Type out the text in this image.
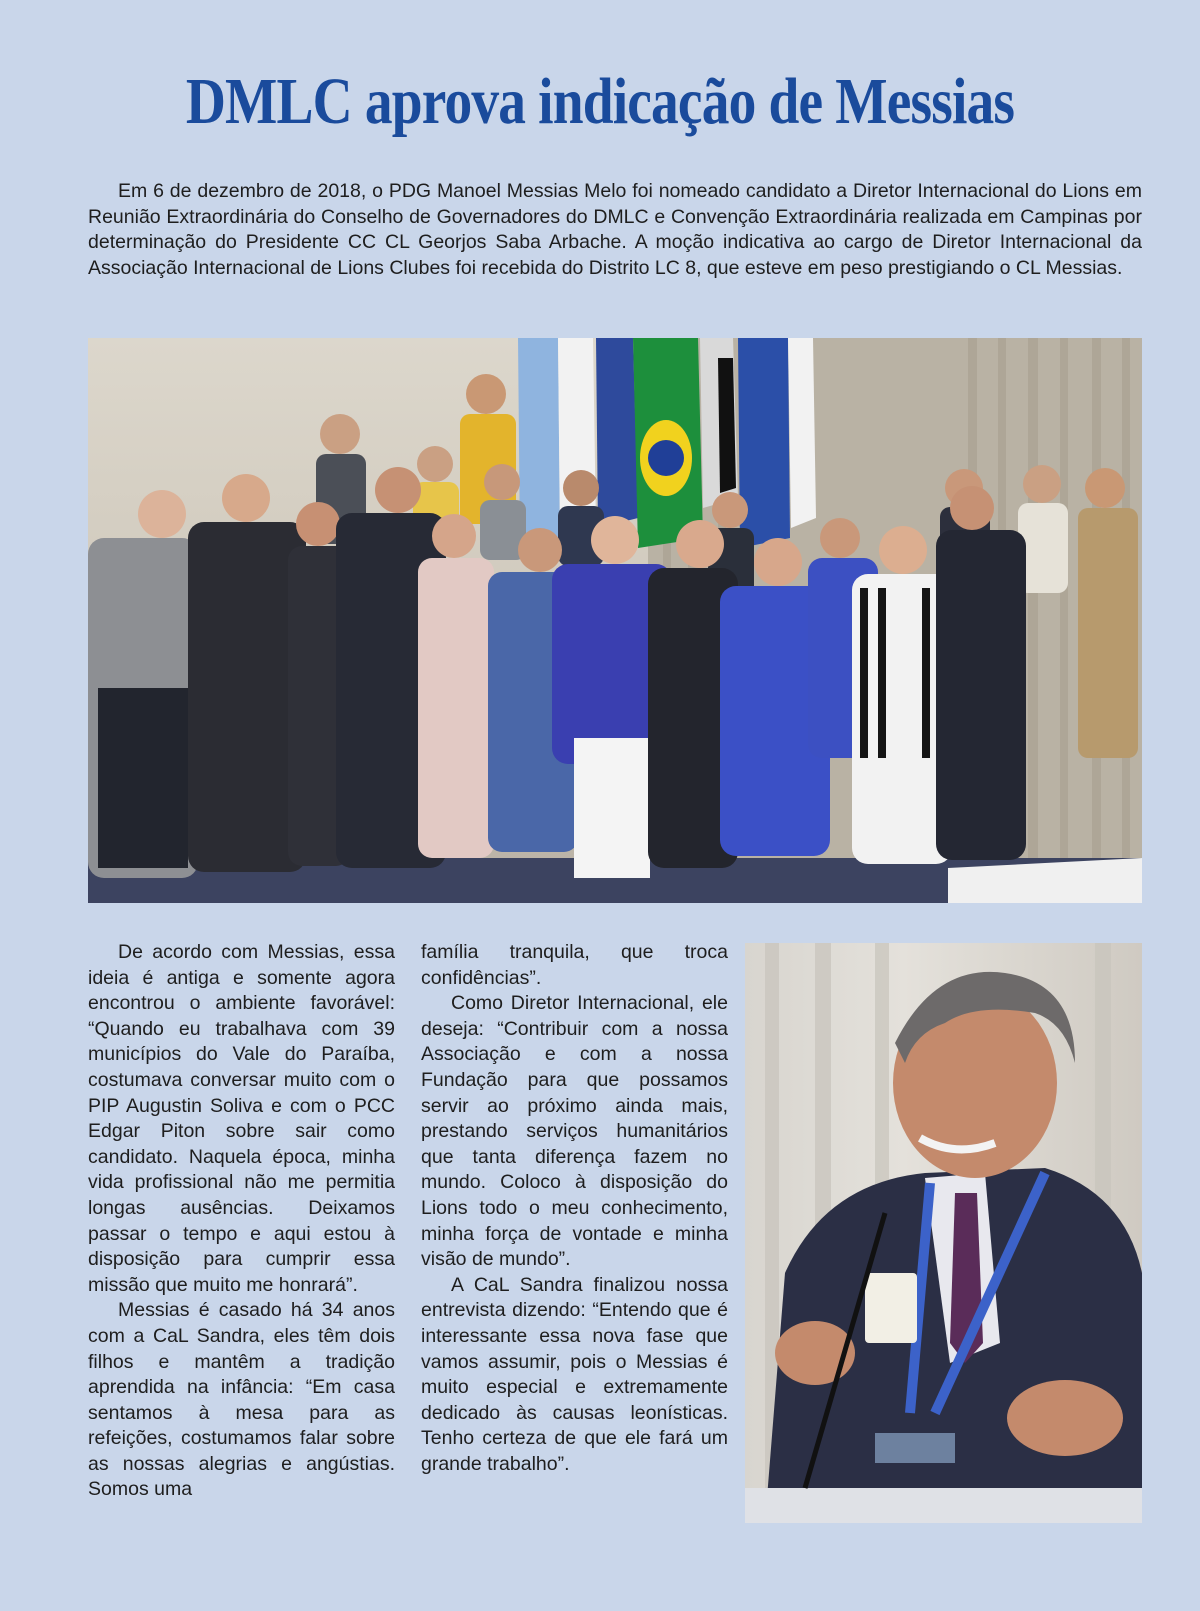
DMLC aprova indicação de Messias

Em 6 de dezembro de 2018, o PDG Manoel Messias Melo foi nomeado candidato a Diretor Internacional do Lions em Reunião Extraordinária do Conselho de Governadores do DMLC e Convenção Extraordinária realizada em Campinas por determinação do Presidente CC CL Georjos Saba Arbache. A moção indicativa ao cargo de Diretor Internacional da Associação Internacional de Lions Clubes foi recebida do Distrito LC 8, que esteve em peso prestigiando o CL Messias.

De acordo com Messias, essa ideia é antiga e somente agora encontrou o ambiente favorável: “Quando eu trabalhava com 39 municípios do Vale do Paraíba, costumava conversar muito com o PIP Augustin Soliva e com o PCC Edgar Piton sobre sair como candidato. Naquela época, minha vida profissional não me permitia longas ausências. Deixamos passar o tempo e aqui estou à disposição para cumprir essa missão que muito me honrará”.

Messias é casado há 34 anos com a CaL Sandra, eles têm dois filhos e mantêm a tradição aprendida na infância: “Em casa sentamos à mesa para as refeições, costumamos falar sobre as nossas alegrias e angústias. Somos uma

família tranquila, que troca confidências”.

Como Diretor Internacional, ele deseja: “Contribuir com a nossa Associação e com a nossa Fundação para que possamos servir ao próximo ainda mais, prestando serviços humanitários que tanta diferença fazem no mundo. Coloco à disposição do Lions todo o meu conhecimento, minha força de vontade e minha visão de mundo”.

A CaL Sandra finalizou nossa entrevista dizendo: “Entendo que é interessante essa nova fase que vamos assumir, pois o Messias é muito especial e extremamente dedicado às causas leonísticas. Tenho certeza de que ele fará um grande trabalho”.
